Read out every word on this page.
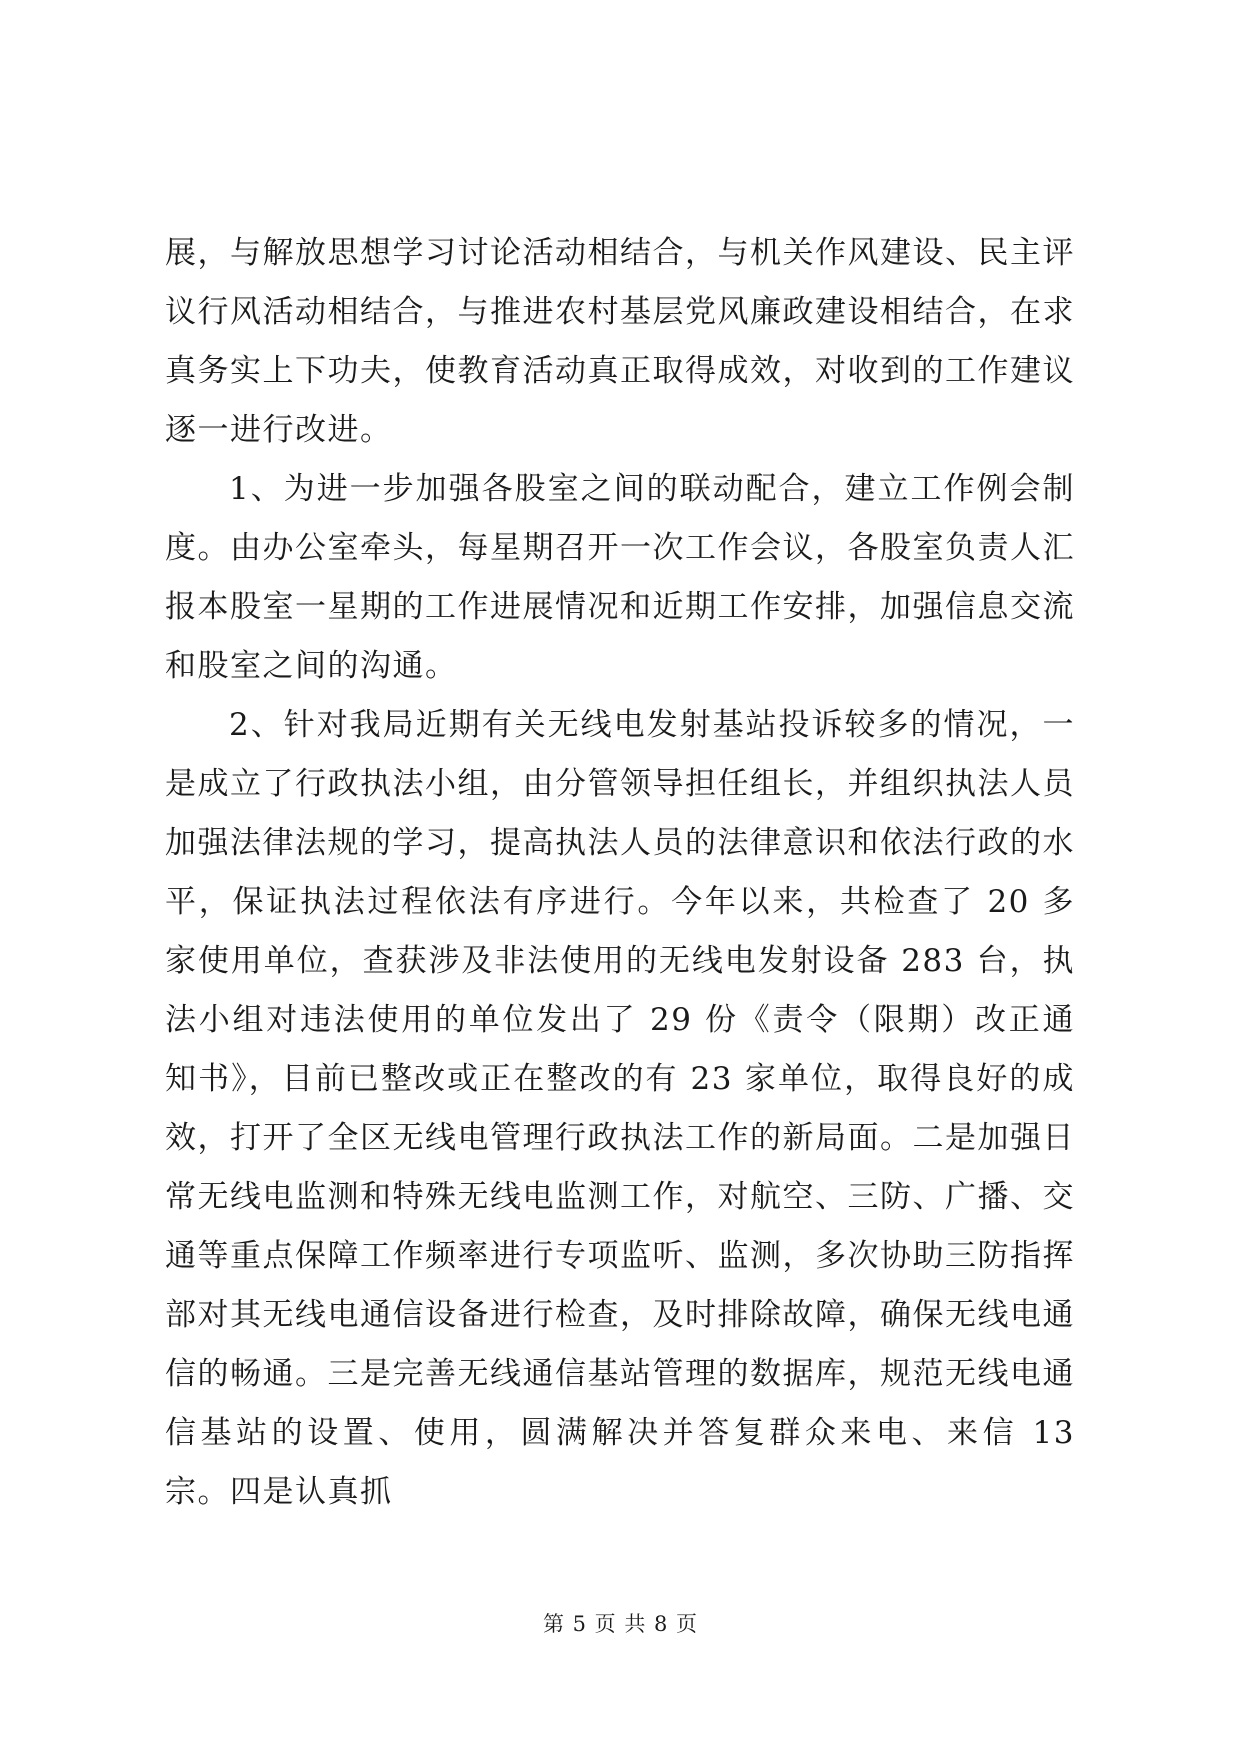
展，与解放思想学习讨论活动相结合，与机关作风建设、民主评议行风活动相结合，与推进农村基层党风廉政建设相结合，在求真务实上下功夫，使教育活动真正取得成效，对收到的工作建议逐一进行改进。

1、为进一步加强各股室之间的联动配合，建立工作例会制度。由办公室牵头，每星期召开一次工作会议，各股室负责人汇报本股室一星期的工作进展情况和近期工作安排，加强信息交流和股室之间的沟通。

2、针对我局近期有关无线电发射基站投诉较多的情况，一是成立了行政执法小组，由分管领导担任组长，并组织执法人员加强法律法规的学习，提高执法人员的法律意识和依法行政的水平，保证执法过程依法有序进行。今年以来，共检查了 20 多家使用单位，查获涉及非法使用的无线电发射设备 283 台，执法小组对违法使用的单位发出了 29 份《责令（限期）改正通知书》，目前已整改或正在整改的有 23 家单位，取得良好的成效，打开了全区无线电管理行政执法工作的新局面。二是加强日常无线电监测和特殊无线电监测工作，对航空、三防、广播、交通等重点保障工作频率进行专项监听、监测，多次协助三防指挥部对其无线电通信设备进行检查，及时排除故障，确保无线电通信的畅通。三是完善无线通信基站管理的数据库，规范无线电通信基站的设置、使用，圆满解决并答复群众来电、来信 13 宗。四是认真抓

第 5 页 共 8 页
